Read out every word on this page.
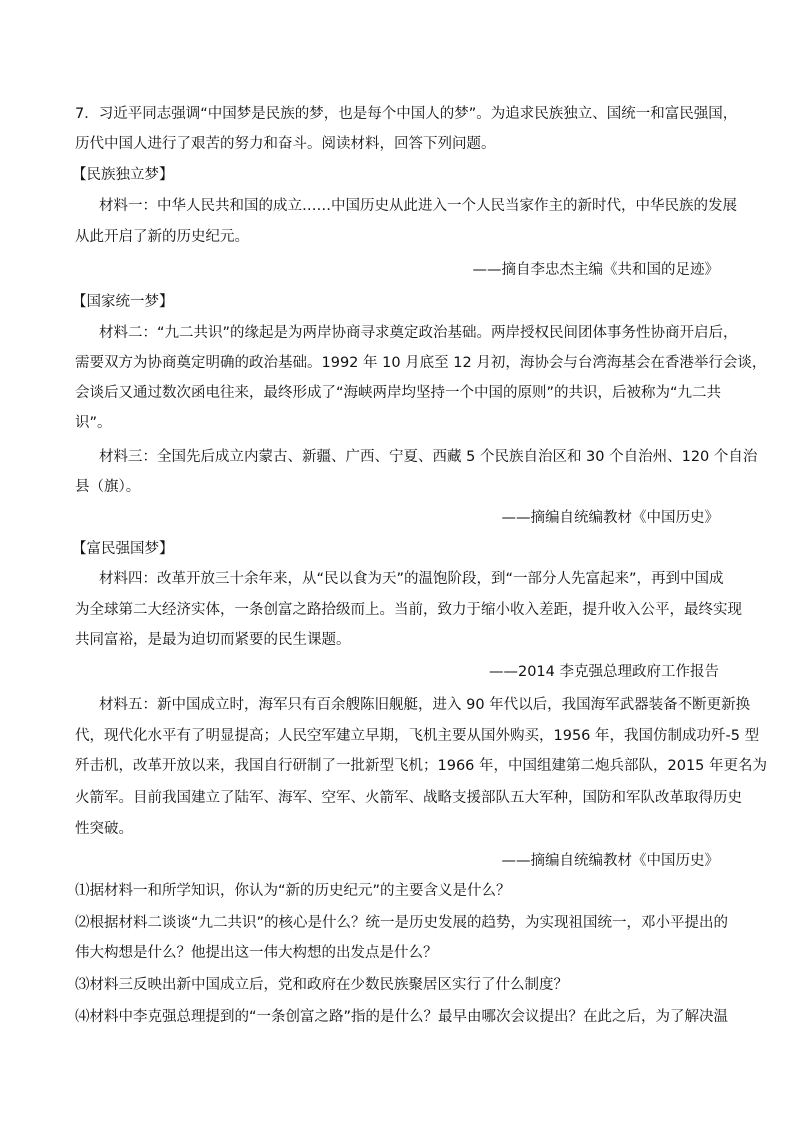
7．习近平同志强调“中国梦是民族的梦，也是每个中国人的梦”。为追求民族独立、国统一和富民强国，
历代中国人进行了艰苦的努力和奋斗。阅读材料，回答下列问题。
【民族独立梦】
材料一：中华人民共和国的成立……中国历史从此进入一个人民当家作主的新时代，中华民族的发展
从此开启了新的历史纪元。
——摘自李忠杰主编《共和国的足迹》
【国家统一梦】
材料二：“九二共识”的缘起是为两岸协商寻求奠定政治基础。两岸授权民间团体事务性协商开启后，
需要双方为协商奠定明确的政治基础。1992 年 10 月底至 12 月初，海协会与台湾海基会在香港举行会谈，
会谈后又通过数次函电往来，最终形成了“海峡两岸均坚持一个中国的原则”的共识，后被称为“九二共
识”。
材料三：全国先后成立内蒙古、新疆、广西、宁夏、西藏 5 个民族自治区和 30 个自治州、120 个自治
县（旗）。
——摘编自统编教材《中国历史》
【富民强国梦】
材料四：改革开放三十余年来，从“民以食为天”的温饱阶段，到“一部分人先富起来”，再到中国成
为全球第二大经济实体，一条创富之路拾级而上。当前，致力于缩小收入差距，提升收入公平，最终实现
共同富裕，是最为迫切而紧要的民生课题。
——2014 李克强总理政府工作报告
材料五：新中国成立时，海军只有百余艘陈旧舰艇，进入 90 年代以后，我国海军武器装备不断更新换
代，现代化水平有了明显提高；人民空军建立早期，飞机主要从国外购买，1956 年，我国仿制成功歼-5 型
歼击机，改革开放以来，我国自行研制了一批新型飞机；1966 年，中国组建第二炮兵部队，2015 年更名为
火箭军。目前我国建立了陆军、海军、空军、火箭军、战略支援部队五大军种，国防和军队改革取得历史
性突破。
——摘编自统编教材《中国历史》
⑴据材料一和所学知识，你认为“新的历史纪元”的主要含义是什么？
⑵根据材料二谈谈“九二共识”的核心是什么？统一是历史发展的趋势，为实现祖国统一，邓小平提出的
伟大构想是什么？他提出这一伟大构想的出发点是什么？
⑶材料三反映出新中国成立后，党和政府在少数民族聚居区实行了什么制度？
⑷材料中李克强总理提到的“一条创富之路”指的是什么？最早由哪次会议提出？在此之后，为了解决温
